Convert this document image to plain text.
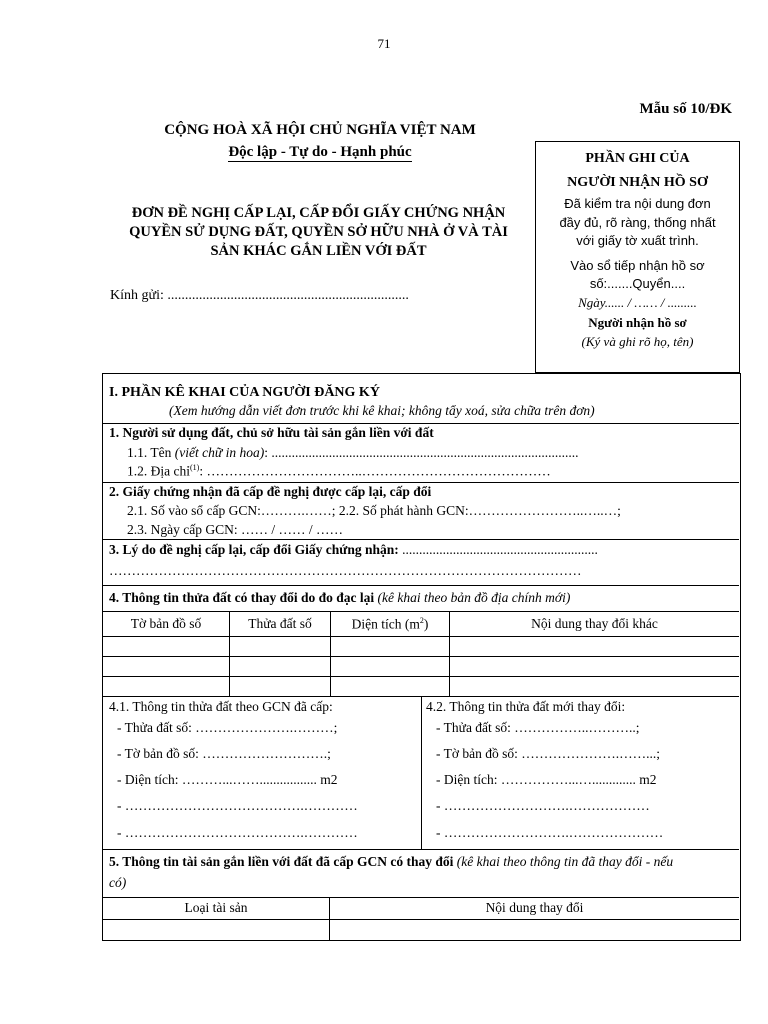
71
Mẫu số 10/ĐK
CỘNG HOÀ XÃ HỘI CHỦ NGHĨA VIỆT NAM
Độc lập - Tự do - Hạnh phúc
ĐƠN ĐỀ NGHỊ CẤP LẠI, CẤP ĐỔI GIẤY CHỨNG NHẬN
QUYỀN SỬ DỤNG ĐẤT, QUYỀN SỞ HỮU NHÀ Ở VÀ TÀI
SẢN KHÁC GẮN LIỀN VỚI ĐẤT
Kính gửi: .....................................................................
PHẦN GHI CỦA
NGƯỜI NHẬN HỒ SƠ
Đã kiểm tra nội dung đơn
đầy đủ, rõ ràng, thống nhất
với giấy tờ xuất trình.
Vào sổ tiếp nhận hồ sơ
số:.......Quyển....
Ngày...... / …… / .........
Người nhận hồ sơ
(Ký và ghi rõ họ, tên)
I. PHẦN KÊ KHAI CỦA NGƯỜI ĐĂNG KÝ
(Xem hướng dẫn viết đơn trước khi kê khai; không tẩy xoá, sửa chữa trên đơn)
1. Người sử dụng đất, chủ sở hữu tài sản gắn liền với đất
1.1. Tên (viết chữ in hoa): ...........................................................................................
1.2. Địa chỉ$^{(1)}$: ……………………………..……………………………………
2. Giấy chứng nhận đã cấp đề nghị được cấp lại, cấp đổi
2.1. Số vào sổ cấp GCN:……….……; 2.2. Số phát hành GCN:……………………..…..…;
2.3. Ngày cấp GCN: …… / …… / ……
3. Lý do đề nghị cấp lại, cấp đổi Giấy chứng nhận: ..........................................................
……………………………………………………………………………………………
4. Thông tin thửa đất có thay đổi do đo đạc lại (kê khai theo bản đồ địa chính mới)
Tờ bản đồ số	Thửa đất số	Diện tích $(m^2)$	Nội dung thay đổi khác
4.1. Thông tin thửa đất theo GCN đã cấp:
- Thửa đất số: ………………….………;
- Tờ bản đồ số: ……………………….;
- Diện tích: ………...……................. m2
- ………………………………….…………
- ………………………………….…………
4.2. Thông tin thửa đất mới thay đổi:
- Thửa đất số: ……………..………..;
- Tờ bản đồ số: ………………….……...;
- Diện tích: ……………...…............. m2
- ……………………….………………
- ……………………….…………………
5. Thông tin tài sản gắn liền với đất đã cấp GCN có thay đổi (kê khai theo thông tin đã thay đổi - nếu
có)
Loại tài sản	Nội dung thay đổi
